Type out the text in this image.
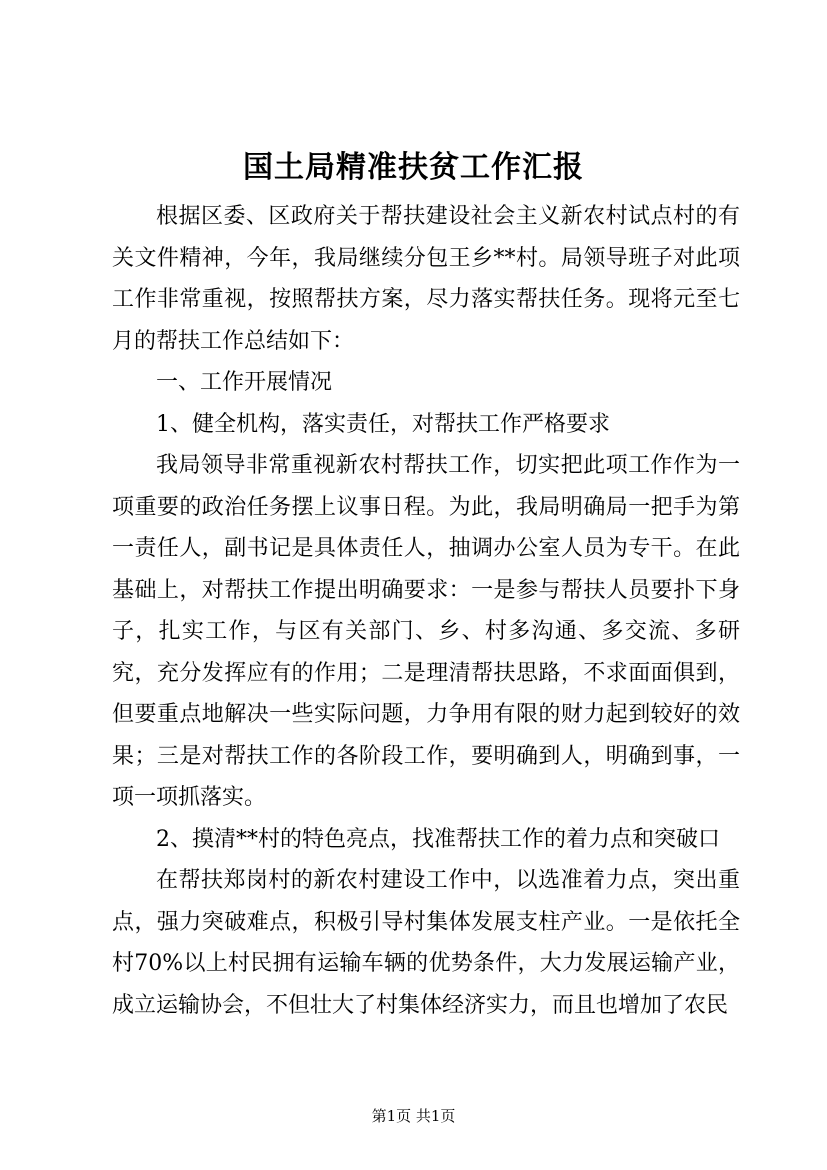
国土局精准扶贫工作汇报

根据区委、区政府关于帮扶建设社会主义新农村试点村的有关文件精神，今年，我局继续分包王乡**村。局领导班子对此项工作非常重视，按照帮扶方案，尽力落实帮扶任务。现将元至七月的帮扶工作总结如下：

一、工作开展情况

1、健全机构，落实责任，对帮扶工作严格要求

我局领导非常重视新农村帮扶工作，切实把此项工作作为一项重要的政治任务摆上议事日程。为此，我局明确局一把手为第一责任人，副书记是具体责任人，抽调办公室人员为专干。在此基础上，对帮扶工作提出明确要求：一是参与帮扶人员要扑下身子，扎实工作，与区有关部门、乡、村多沟通、多交流、多研究，充分发挥应有的作用；二是理清帮扶思路，不求面面俱到，但要重点地解决一些实际问题，力争用有限的财力起到较好的效果；三是对帮扶工作的各阶段工作，要明确到人，明确到事，一项一项抓落实。

2、摸清**村的特色亮点，找准帮扶工作的着力点和突破口

在帮扶郑岗村的新农村建设工作中，以选准着力点，突出重点，强力突破难点，积极引导村集体发展支柱产业。一是依托全村70%以上村民拥有运输车辆的优势条件，大力发展运输产业，成立运输协会，不但壮大了村集体经济实力，而且也增加了农民

第1页 共1页
